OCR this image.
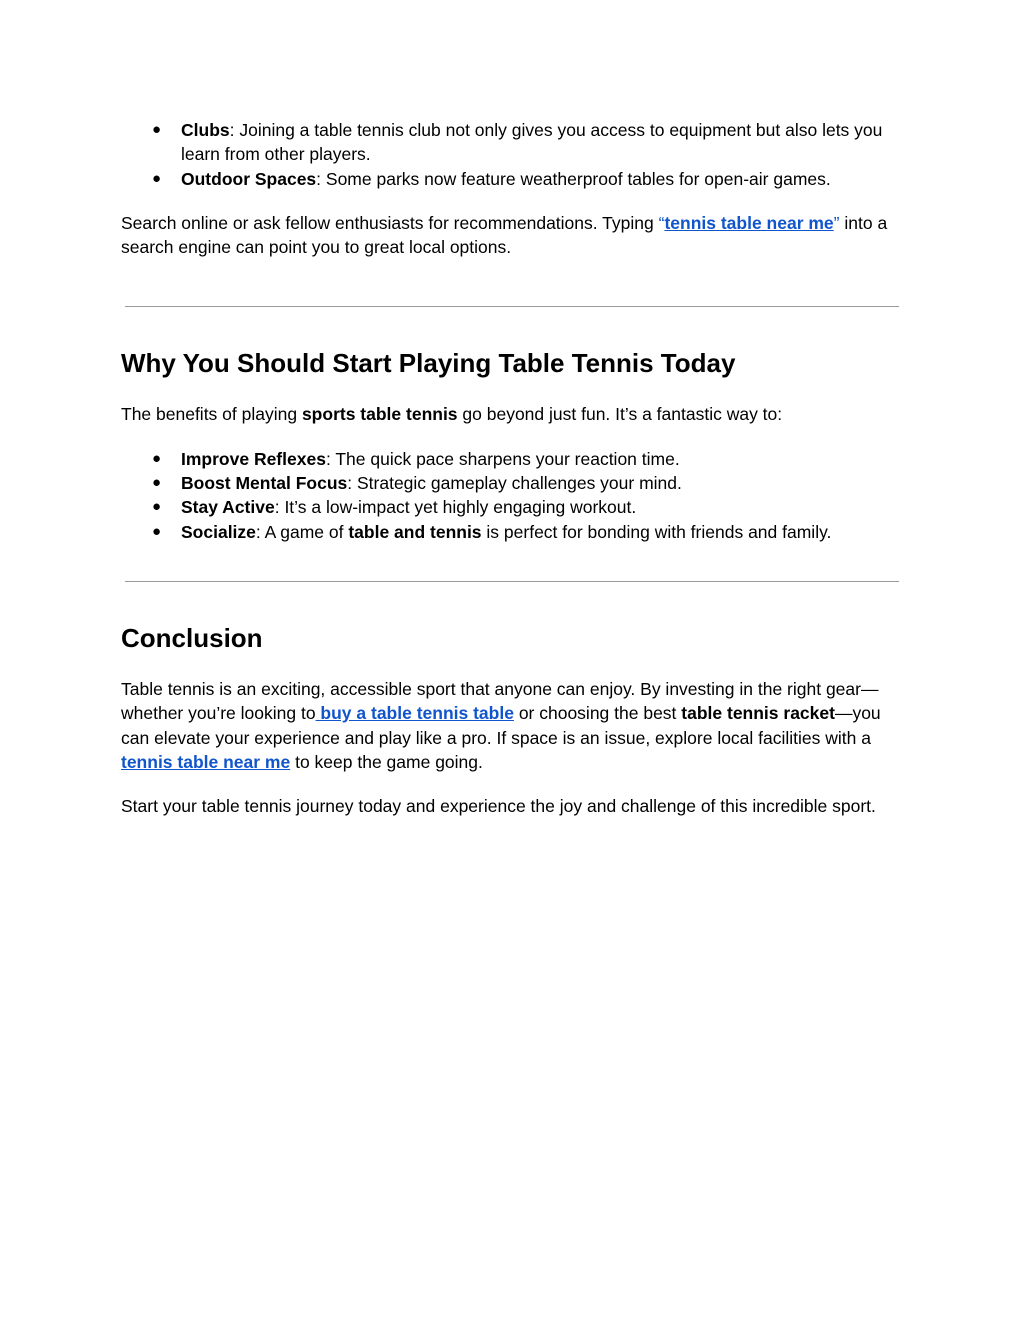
● Clubs: Joining a table tennis club not only gives you access to equipment but also lets you learn from other players.
● Outdoor Spaces: Some parks now feature weatherproof tables for open-air games.

Search online or ask fellow enthusiasts for recommendations. Typing “tennis table near me” into a search engine can point you to great local options.

Why You Should Start Playing Table Tennis Today

The benefits of playing sports table tennis go beyond just fun. It’s a fantastic way to:

● Improve Reflexes: The quick pace sharpens your reaction time.
● Boost Mental Focus: Strategic gameplay challenges your mind.
● Stay Active: It’s a low-impact yet highly engaging workout.
● Socialize: A game of table and tennis is perfect for bonding with friends and family.
Conclusion

Table tennis is an exciting, accessible sport that anyone can enjoy. By investing in the right gear—whether you’re looking to buy a table tennis table or choosing the best table tennis racket—you can elevate your experience and play like a pro. If space is an issue, explore local facilities with a tennis table near me to keep the game going.

Start your table tennis journey today and experience the joy and challenge of this incredible sport.
